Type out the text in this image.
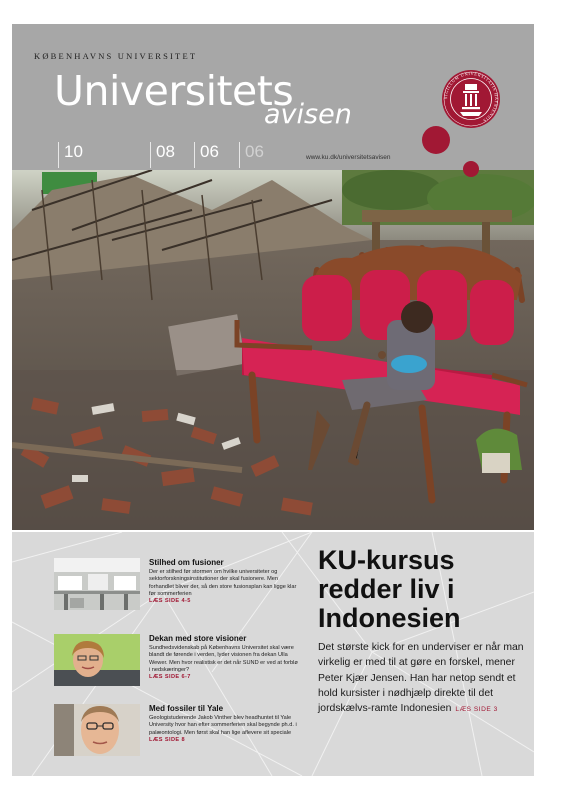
KØBENHAVNS UNIVERSITET
Universitets
avisen
SIGILLUM UNIVERSITATIS HAFNIENSIS
10	08	06	06	www.ku.dk/universitetsavisen
Stilhed om fusioner
Der er stilhed før stormen om hvilke universiteter og sektorforskningsinstitutioner der skal fusionere. Men forhandlet bliver der, så den store fusionsplan kan ligge klar før sommerferien
LÆS SIDE 4-5
Dekan med store visioner
Sundhedsvidenskab på Københavns Universitet skal være blandt de førende i verden, lyder visionen fra dekan Ulla Wewer. Men hvor realistisk er det når SUND er ved at forblø i nedskæringer?
LÆS SIDE 6-7
Med fossiler til Yale
Geologistuderende Jakob Vinther blev headhuntet til Yale University hvor han efter sommerferien skal begynde ph.d. i palæontologi. Men først skal han lige aflevere sit speciale
LÆS SIDE 8
KU-kursus redder liv i Indonesien
Det største kick for en underviser er når man virkelig er med til at gøre en forskel, mener Peter Kjær Jensen. Han har netop sendt et hold kursister i nødhjælp direkte til det jordskælvs-ramte Indonesien LÆS SIDE 3
